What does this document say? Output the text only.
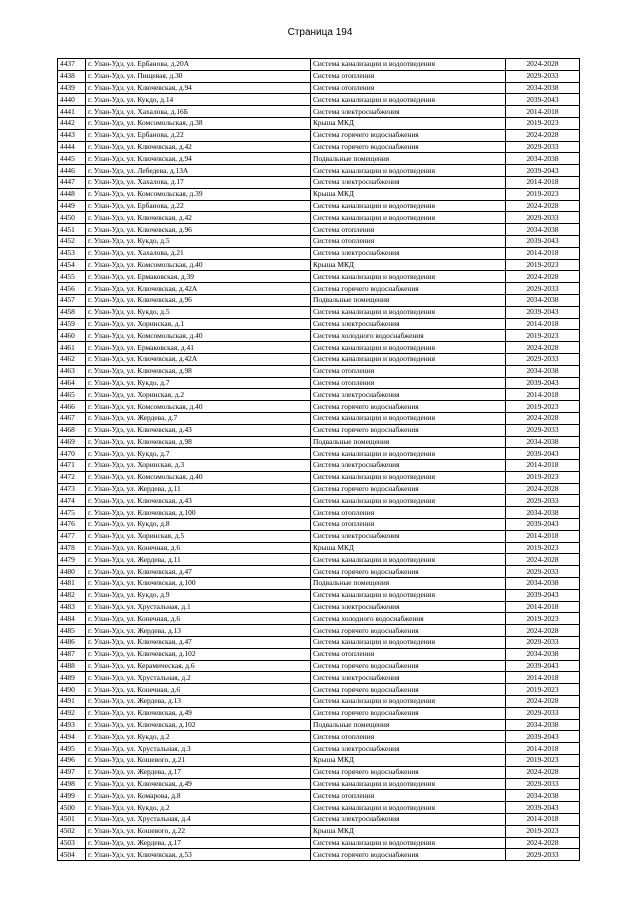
Страница 194
4437	г. Улан-Удэ, ул. Ербанова, д.20А	Система канализации и водоотведения	2024-2028
4438	г. Улан-Удэ, ул. Пищевая, д.30	Система отопления	2029-2033
4439	г. Улан-Удэ, ул. Ключевская, д.94	Система отопления	2034-2038
4440	г. Улан-Удэ, ул. Кукдо, д.14	Система канализации и водоотведения	2039-2043
4441	г. Улан-Удэ, ул. Хахалова, д.16Б	Система электроснабжения	2014-2018
4442	г. Улан-Удэ, ул. Комсомольская, д.38	Крыша МКД	2019-2023
4443	г. Улан-Удэ, ул. Ербанова, д.22	Система горячего водоснабжения	2024-2028
4444	г. Улан-Удэ, ул. Ключевская, д.42	Система горячего водоснабжения	2029-2033
4445	г. Улан-Удэ, ул. Ключевская, д.94	Подвальные помещения	2034-2038
4446	г. Улан-Удэ, ул. Лебедева, д.13А	Система канализации и водоотведения	2039-2043
4447	г. Улан-Удэ, ул. Хахалова, д.17	Система электроснабжения	2014-2018
4448	г. Улан-Удэ, ул. Комсомольская, д.39	Крыша МКД	2019-2023
4449	г. Улан-Удэ, ул. Ербанова, д.22	Система канализации и водоотведения	2024-2028
4450	г. Улан-Удэ, ул. Ключевская, д.42	Система канализации и водоотведения	2029-2033
4451	г. Улан-Удэ, ул. Ключевская, д.96	Система отопления	2034-2038
4452	г. Улан-Удэ, ул. Кукдо, д.5	Система отопления	2039-2043
4453	г. Улан-Удэ, ул. Хахалова, д.21	Система электроснабжения	2014-2018
4454	г. Улан-Удэ, ул. Комсомольская, д.40	Крыша МКД	2019-2023
4455	г. Улан-Удэ, ул. Ермаковская, д.39	Система канализации и водоотведения	2024-2028
4456	г. Улан-Удэ, ул. Ключевская, д.42А	Система горячего водоснабжения	2029-2033
4457	г. Улан-Удэ, ул. Ключевская, д.96	Подвальные помещения	2034-2038
4458	г. Улан-Удэ, ул. Кукдо, д.5	Система канализации и водоотведения	2039-2043
4459	г. Улан-Удэ, ул. Хоринская, д.1	Система электроснабжения	2014-2018
4460	г. Улан-Удэ, ул. Комсомольская, д.40	Система холодного водоснабжения	2019-2023
4461	г. Улан-Удэ, ул. Ермаковская, д.41	Система канализации и водоотведения	2024-2028
4462	г. Улан-Удэ, ул. Ключевская, д.42А	Система канализации и водоотведения	2029-2033
4463	г. Улан-Удэ, ул. Ключевская, д.98	Система отопления	2034-2038
4464	г. Улан-Удэ, ул. Кукдо, д.7	Система отопления	2039-2043
4465	г. Улан-Удэ, ул. Хоринская, д.2	Система электроснабжения	2014-2018
4466	г. Улан-Удэ, ул. Комсомольская, д.40	Система горячего водоснабжения	2019-2023
4467	г. Улан-Удэ, ул. Жердева, д.7	Система канализации и водоотведения	2024-2028
4468	г. Улан-Удэ, ул. Ключевская, д.43	Система горячего водоснабжения	2029-2033
4469	г. Улан-Удэ, ул. Ключевская, д.98	Подвальные помещения	2034-2038
4470	г. Улан-Удэ, ул. Кукдо, д.7	Система канализации и водоотведения	2039-2043
4471	г. Улан-Удэ, ул. Хоринская, д.3	Система электроснабжения	2014-2018
4472	г. Улан-Удэ, ул. Комсомольская, д.40	Система канализации и водоотведения	2019-2023
4473	г. Улан-Удэ, ул. Жердева, д.11	Система горячего водоснабжения	2024-2028
4474	г. Улан-Удэ, ул. Ключевская, д.43	Система канализации и водоотведения	2029-2033
4475	г. Улан-Удэ, ул. Ключевская, д.100	Система отопления	2034-2038
4476	г. Улан-Удэ, ул. Кукдо, д.8	Система отопления	2039-2043
4477	г. Улан-Удэ, ул. Хоринская, д.5	Система электроснабжения	2014-2018
4478	г. Улан-Удэ, ул. Конечная, д.6	Крыша МКД	2019-2023
4479	г. Улан-Удэ, ул. Жердева, д.11	Система канализации и водоотведения	2024-2028
4480	г. Улан-Удэ, ул. Ключевская, д.47	Система горячего водоснабжения	2029-2033
4481	г. Улан-Удэ, ул. Ключевская, д.100	Подвальные помещения	2034-2038
4482	г. Улан-Удэ, ул. Кукдо, д.9	Система канализации и водоотведения	2039-2043
4483	г. Улан-Удэ, ул. Хрустальная, д.1	Система электроснабжения	2014-2018
4484	г. Улан-Удэ, ул. Конечная, д.6	Система холодного водоснабжения	2019-2023
4485	г. Улан-Удэ, ул. Жердева, д.13	Система горячего водоснабжения	2024-2028
4486	г. Улан-Удэ, ул. Ключевская, д.47	Система канализации и водоотведения	2029-2033
4487	г. Улан-Удэ, ул. Ключевская, д.102	Система отопления	2034-2038
4488	г. Улан-Удэ, ул. Керамическая, д.6	Система горячего водоснабжения	2039-2043
4489	г. Улан-Удэ, ул. Хрустальная, д.2	Система электроснабжения	2014-2018
4490	г. Улан-Удэ, ул. Конечная, д.6	Система горячего водоснабжения	2019-2023
4491	г. Улан-Удэ, ул. Жердева, д.13	Система канализации и водоотведения	2024-2028
4492	г. Улан-Удэ, ул. Ключевская, д.49	Система горячего водоснабжения	2029-2033
4493	г. Улан-Удэ, ул. Ключевская, д.102	Подвальные помещения	2034-2038
4494	г. Улан-Удэ, ул. Кукдо, д.2	Система отопления	2039-2043
4495	г. Улан-Удэ, ул. Хрустальная, д.3	Система электроснабжения	2014-2018
4496	г. Улан-Удэ, ул. Кошевого, д.21	Крыша МКД	2019-2023
4497	г. Улан-Удэ, ул. Жердева, д.17	Система горячего водоснабжения	2024-2028
4498	г. Улан-Удэ, ул. Ключевская, д.49	Система канализации и водоотведения	2029-2033
4499	г. Улан-Удэ, ул. Комарова, д.8	Система отопления	2034-2038
4500	г. Улан-Удэ, ул. Кукдо, д.2	Система канализации и водоотведения	2039-2043
4501	г. Улан-Удэ, ул. Хрустальная, д.4	Система электроснабжения	2014-2018
4502	г. Улан-Удэ, ул. Кошевого, д.22	Крыша МКД	2019-2023
4503	г. Улан-Удэ, ул. Жердева, д.17	Система канализации и водоотведения	2024-2028
4504	г. Улан-Удэ, ул. Ключевская, д.53	Система горячего водоснабжения	2029-2033
